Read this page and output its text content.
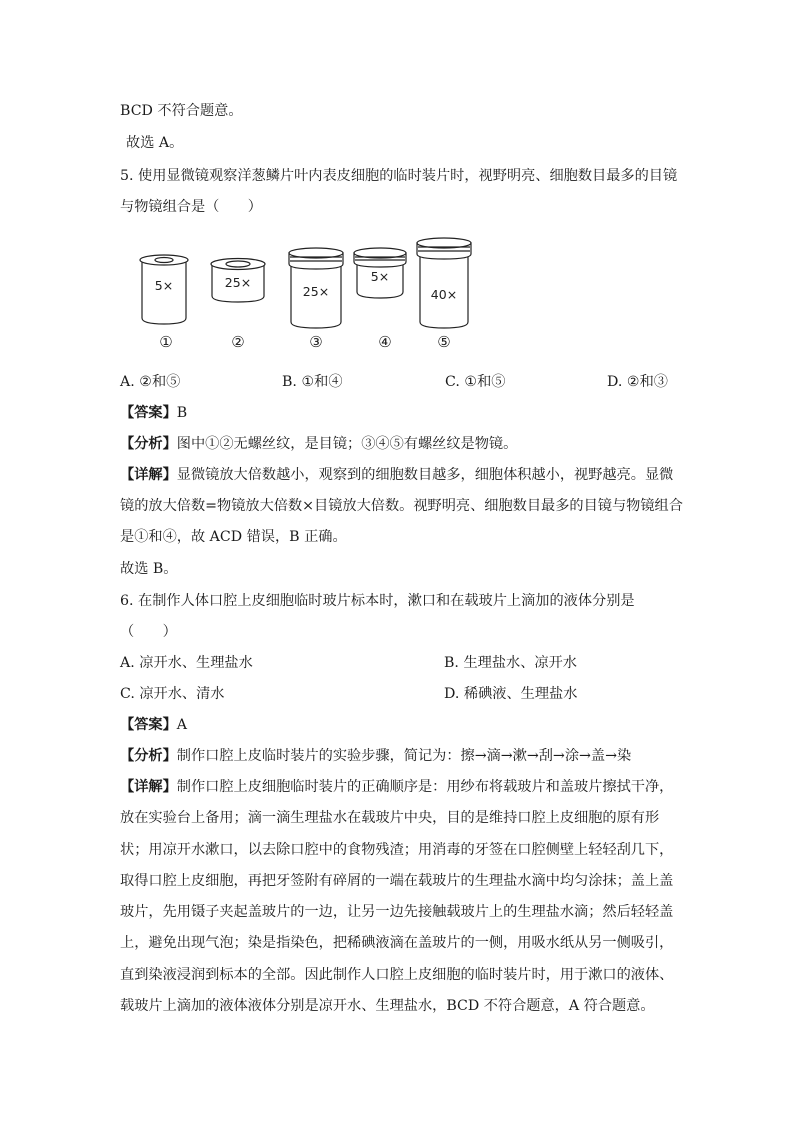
BCD 不符合题意。
故选 A。
5. 使用显微镜观察洋葱鳞片叶内表皮细胞的临时装片时，视野明亮、细胞数目最多的目镜
与物镜组合是（　　）
5×	25×
25×
5×
40×
①	②	③	④	⑤
A. ②和⑤	B. ①和④	C. ①和⑤	D. ②和③
【答案】B
【分析】图中①②无螺丝纹，是目镜；③④⑤有螺丝纹是物镜。
【详解】显微镜放大倍数越小，观察到的细胞数目越多，细胞体积越小，视野越亮。显微
镜的放大倍数=物镜放大倍数×目镜放大倍数。视野明亮、细胞数目最多的目镜与物镜组合
是①和④，故 ACD 错误，B 正确。
故选 B。
6. 在制作人体口腔上皮细胞临时玻片标本时，漱口和在载玻片上滴加的液体分别是
（　　）
A. 凉开水、生理盐水	B. 生理盐水、凉开水
C. 凉开水、清水	D. 稀碘液、生理盐水
【答案】A
【分析】制作口腔上皮临时装片的实验步骤，简记为：擦→滴→漱→刮→涂→盖→染
【详解】制作口腔上皮细胞临时装片的正确顺序是：用纱布将载玻片和盖玻片擦拭干净，
放在实验台上备用；滴一滴生理盐水在载玻片中央，目的是维持口腔上皮细胞的原有形
状；用凉开水漱口，以去除口腔中的食物残渣；用消毒的牙签在口腔侧壁上轻轻刮几下，
取得口腔上皮细胞，再把牙签附有碎屑的一端在载玻片的生理盐水滴中均匀涂抹；盖上盖
玻片，先用镊子夹起盖玻片的一边，让另一边先接触载玻片上的生理盐水滴；然后轻轻盖
上，避免出现气泡；染是指染色，把稀碘液滴在盖玻片的一侧，用吸水纸从另一侧吸引，
直到染液浸润到标本的全部。因此制作人口腔上皮细胞的临时装片时，用于漱口的液体、
载玻片上滴加的液体液体分别是凉开水、生理盐水，BCD 不符合题意，A 符合题意。
